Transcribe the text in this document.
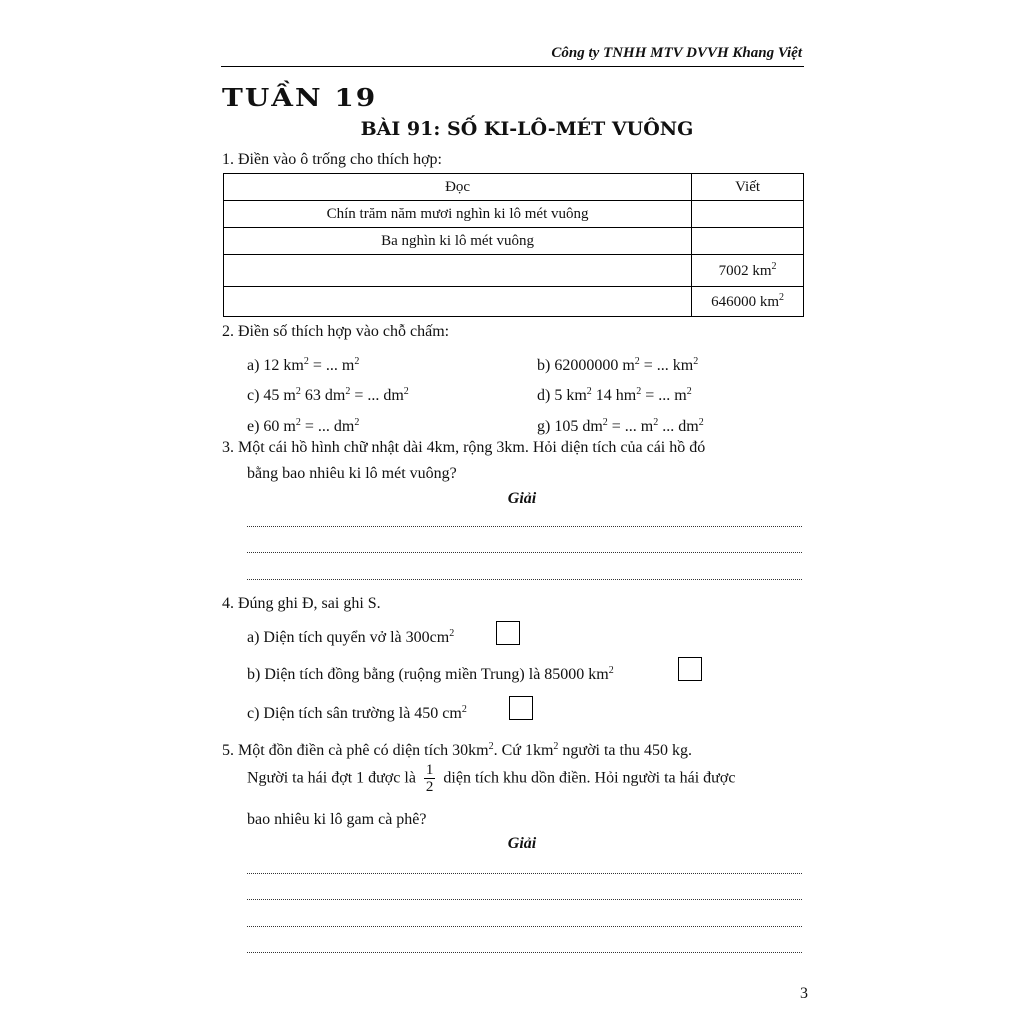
Công ty TNHH MTV DVVH Khang Việt
TUẦN 19
BÀI 91: SỐ KI-LÔ-MÉT VUÔNG
1. Điền vào ô trống cho thích hợp:
Đọc	Viết
Chín trăm năm mươi nghìn ki lô mét vuông	
Ba nghìn ki lô mét vuông	
	7002 $km^2$
	646000 $km^2$
2. Điền số thích hợp vào chỗ chấm:
a) 12 $km^2$ = ... $m^2$	b) 62000000 $m^2$ = ... $km^2$
c) 45 $m^2$ 63 $dm^2$ = ... $dm^2$	d) 5 $km^2$ 14 $hm^2$ = ... $m^2$
e) 60 $m^2$ = ... $dm^2$	g) 105 $dm^2$ = ... $m^2$ ... $dm^2$
3. Một cái hồ hình chữ nhật dài 4km, rộng 3km. Hỏi diện tích của cái hồ đó
bằng bao nhiêu ki lô mét vuông?
Giải
4. Đúng ghi Đ, sai ghi S.
a) Diện tích quyển vở là $300cm^2$
b) Diện tích đồng bằng (ruộng miền Trung) là 85000 $km^2$
c) Diện tích sân trường là 450 $cm^2$
5. Một đồn điền cà phê có diện tích $30km^2$. Cứ $1km^2$ người ta thu 450 kg.
Người ta hái đợt 1 được là $\frac{1}{2}$ diện tích khu dồn điền. Hỏi người ta hái được
bao nhiêu ki lô gam cà phê?
Giải
3
